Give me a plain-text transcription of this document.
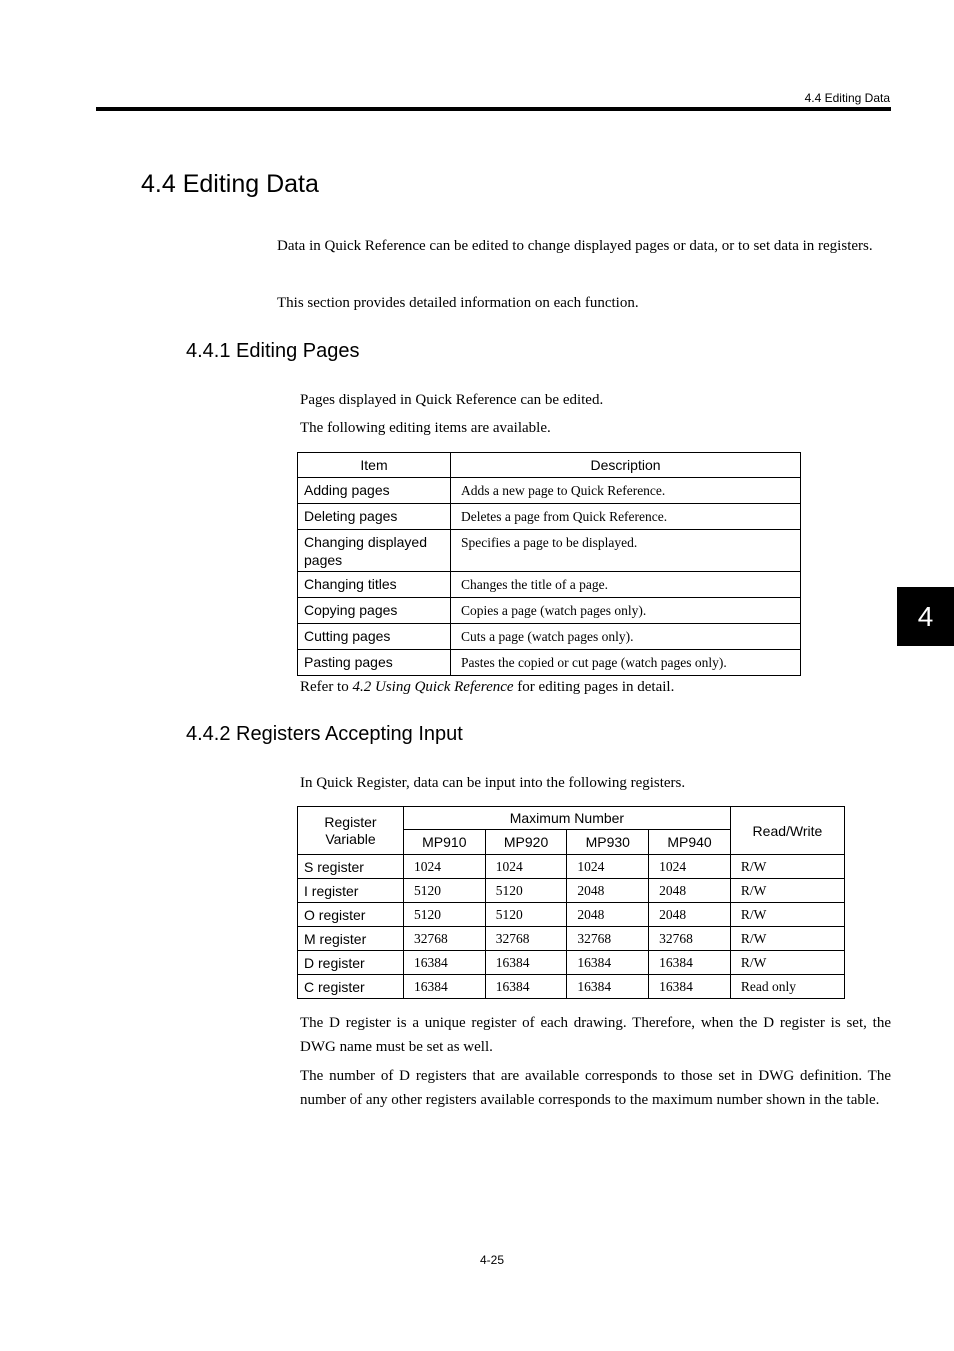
4.4 Editing Data
4.4 Editing Data

Data in Quick Reference can be edited to change displayed pages or data, or to set data in registers.

This section provides detailed information on each function.

4.4.1 Editing Pages

Pages displayed in Quick Reference can be edited.

The following editing items are available.

Item	Description
Adding pages	Adds a new page to Quick Reference.
Deleting pages	Deletes a page from Quick Reference.
Changing displayed pages	Specifies a page to be displayed.
Changing titles	Changes the title of a page.
Copying pages	Copies a page (watch pages only).
Cutting pages	Cuts a page (watch pages only).
Pasting pages	Pastes the copied or cut page (watch pages only).

Refer to 4.2 Using Quick Reference for editing pages in detail.

4.4.2 Registers Accepting Input

In Quick Register, data can be input into the following registers.

Register Variable	Maximum Number				Read/Write
	MP910	MP920	MP930	MP940	
S register	1024	1024	1024	1024	R/W
I register	5120	5120	2048	2048	R/W
O register	5120	5120	2048	2048	R/W
M register	32768	32768	32768	32768	R/W
D register	16384	16384	16384	16384	R/W
C register	16384	16384	16384	16384	Read only

The D register is a unique register of each drawing. Therefore, when the D register is set, the DWG name must be set as well.

The number of D registers that are available corresponds to those set in DWG definition. The number of any other registers available corresponds to the maximum number shown in the table.

4-25
4
